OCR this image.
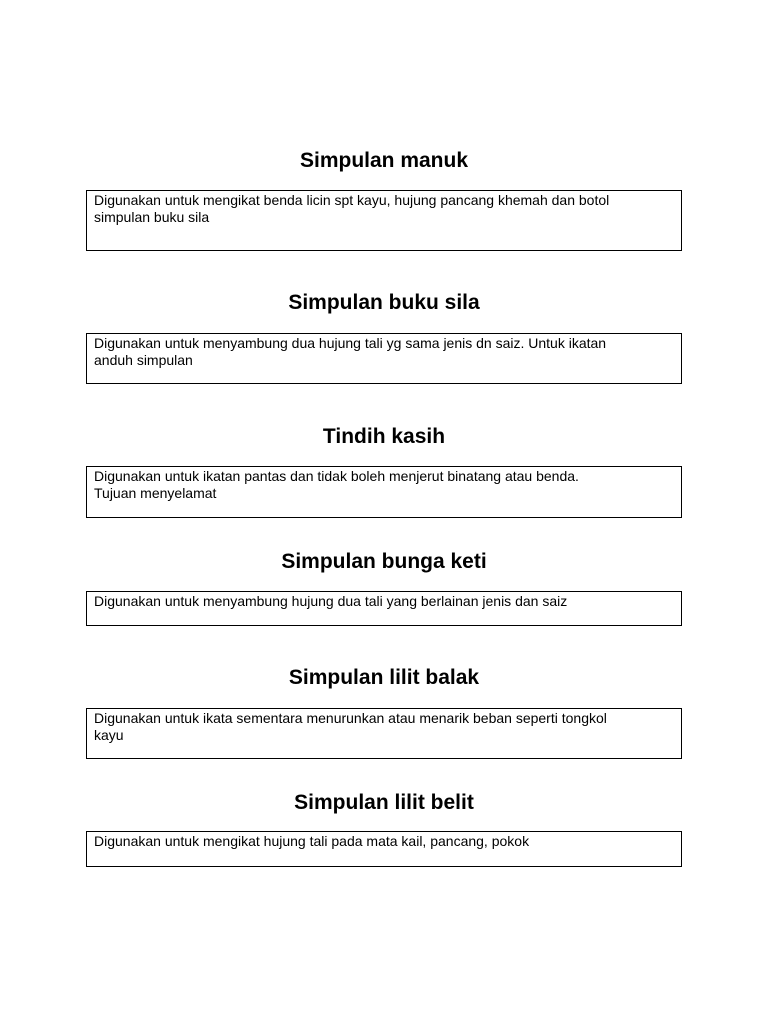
Simpulan manuk

Digunakan untuk mengikat benda licin spt kayu, hujung pancang khemah dan botol

simpulan buku sila

Simpulan buku sila

Digunakan untuk menyambung dua hujung tali yg sama jenis dn saiz. Untuk ikatan

anduh simpulan

Tindih kasih

Digunakan untuk ikatan pantas dan tidak boleh menjerut binatang atau benda.

Tujuan menyelamat

Simpulan bunga keti

Digunakan untuk menyambung hujung dua tali yang berlainan jenis dan saiz

Simpulan lilit balak

Digunakan untuk ikata sementara menurunkan atau menarik beban seperti tongkol

kayu

Simpulan lilit belit

Digunakan untuk mengikat hujung tali pada mata kail, pancang, pokok
